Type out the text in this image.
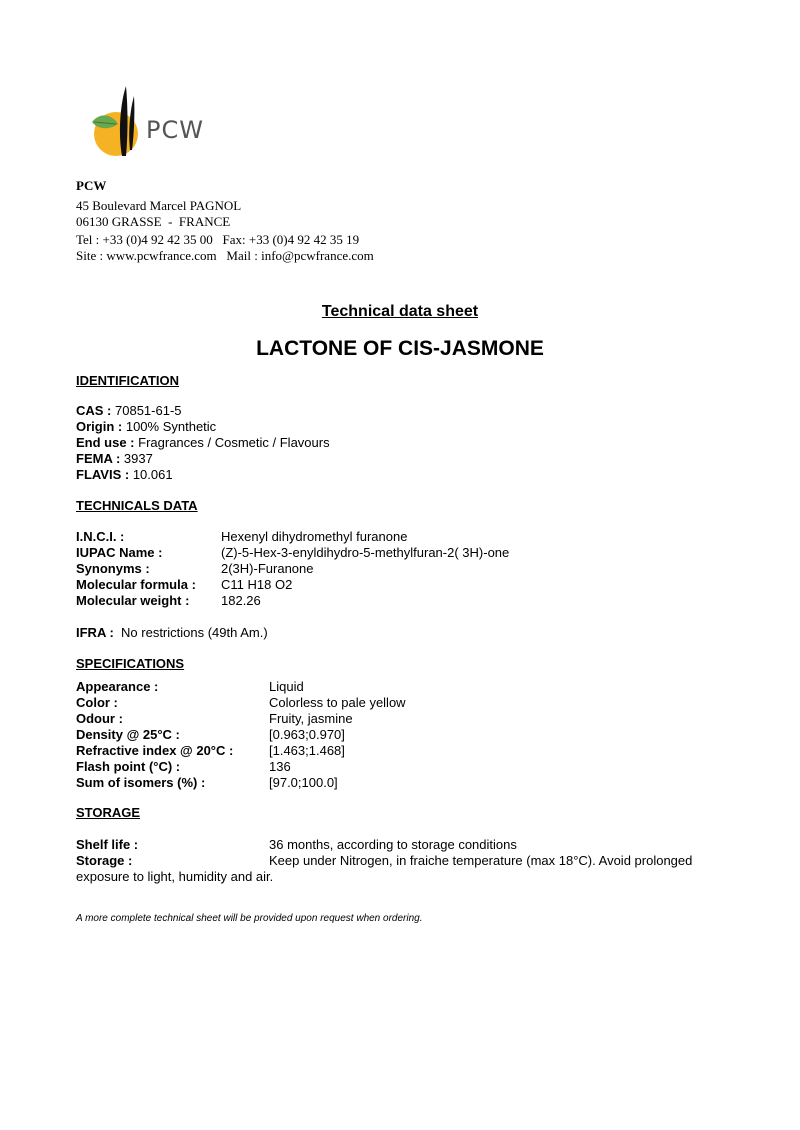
PCW
PCW
45 Boulevard Marcel PAGNOL
06130 GRASSE  -  FRANCE
Tel : +33 (0)4 92 42 35 00   Fax: +33 (0)4 92 42 35 19
Site : www.pcwfrance.com   Mail : info@pcwfrance.com
Technical data sheet
LACTONE OF CIS-JASMONE
IDENTIFICATION
CAS : 70851-61-5
Origin : 100% Synthetic
End use : Fragrances / Cosmetic / Flavours
FEMA : 3937
FLAVIS : 10.061
TECHNICALS DATA
I.N.C.I. :	Hexenyl dihydromethyl furanone
IUPAC Name :	(Z)-5-Hex-3-enyldihydro-5-methylfuran-2( 3H)-one
Synonyms :	2(3H)-Furanone
Molecular formula : C11 H18 O2
Molecular weight : 182.26
IFRA : No restrictions (49th Am.)
SPECIFICATIONS
Appearance :	Liquid
Color :	Colorless to pale yellow
Odour :	Fruity, jasmine
Density @ 25°C :	[0.963;0.970]
Refractive index @ 20°C :	[1.463;1.468]
Flash point (°C) :	136
Sum of isomers (%) :	[97.0;100.0]
STORAGE
Shelf life :	36 months, according to storage conditions
Storage :	Keep under Nitrogen, in fraiche temperature (max 18°C). Avoid prolonged
exposure to light, humidity and air.
A more complete technical sheet will be provided upon request when ordering.
